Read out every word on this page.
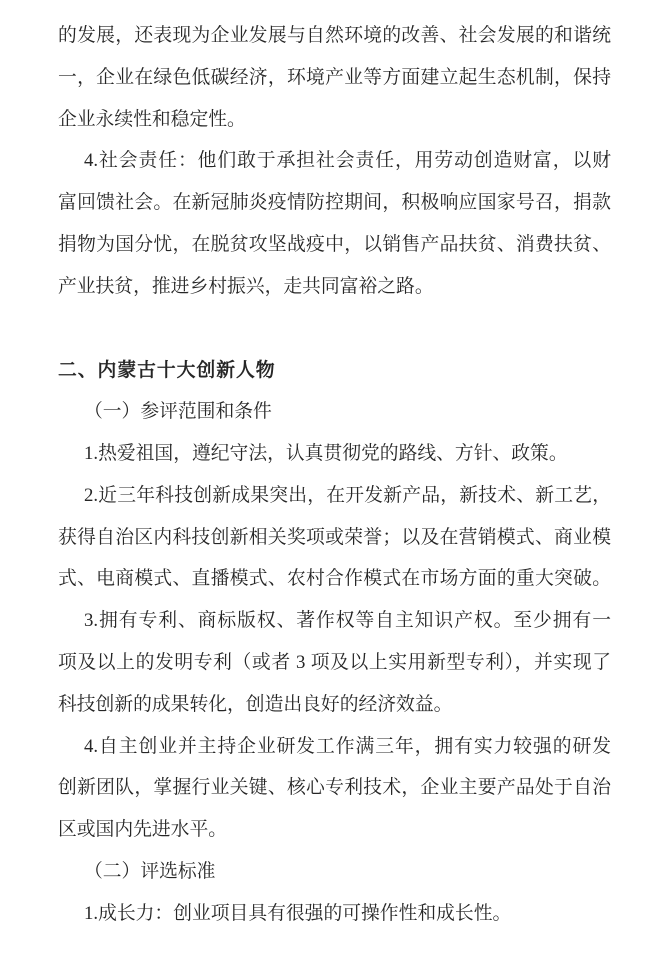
的发展，还表现为企业发展与自然环境的改善、社会发展的和谐统
一，企业在绿色低碳经济，环境产业等方面建立起生态机制，保持
企业永续性和稳定性。
4.社会责任：他们敢于承担社会责任，用劳动创造财富，以财
富回馈社会。在新冠肺炎疫情防控期间，积极响应国家号召，捐款
捐物为国分忧，在脱贫攻坚战疫中，以销售产品扶贫、消费扶贫、
产业扶贫，推进乡村振兴，走共同富裕之路。
二、内蒙古十大创新人物
（一）参评范围和条件
1.热爱祖国，遵纪守法，认真贯彻党的路线、方针、政策。
2.近三年科技创新成果突出，在开发新产品，新技术、新工艺，
获得自治区内科技创新相关奖项或荣誉；以及在营销模式、商业模
式、电商模式、直播模式、农村合作模式在市场方面的重大突破。
3.拥有专利、商标版权、著作权等自主知识产权。至少拥有一
项及以上的发明专利（或者 3 项及以上实用新型专利），并实现了
科技创新的成果转化，创造出良好的经济效益。
4.自主创业并主持企业研发工作满三年，拥有实力较强的研发
创新团队，掌握行业关键、核心专利技术，企业主要产品处于自治
区或国内先进水平。
（二）评选标准
1.成长力：创业项目具有很强的可操作性和成长性。
